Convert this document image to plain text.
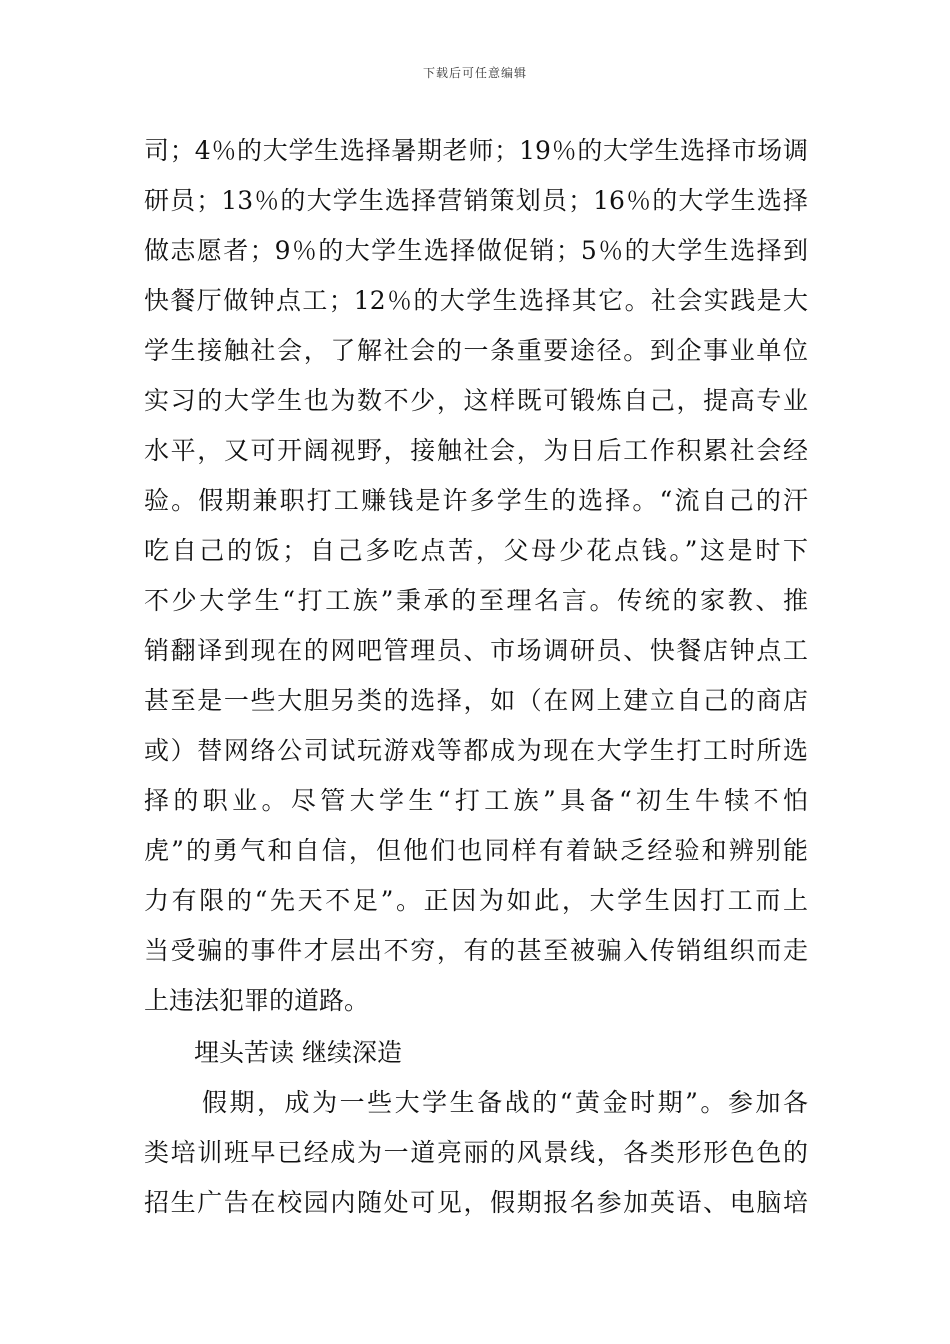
下载后可任意编辑
司；4％的大学生选择暑期老师；19％的大学生选择市场调
研员；13％的大学生选择营销策划员；16％的大学生选择
做志愿者；9％的大学生选择做促销；5％的大学生选择到
快餐厅做钟点工；12％的大学生选择其它。社会实践是大
学生接触社会，了解社会的一条重要途径。到企事业单位
实习的大学生也为数不少，这样既可锻炼自己，提高专业
水平，又可开阔视野，接触社会，为日后工作积累社会经
验。假期兼职打工赚钱是许多学生的选择。“流自己的汗
吃自己的饭；自己多吃点苦，父母少花点钱。”这是时下
不少大学生“打工族”秉承的至理名言。传统的家教、推
销翻译到现在的网吧管理员、市场调研员、快餐店钟点工
甚至是一些大胆另类的选择，如（在网上建立自己的商店
或）替网络公司试玩游戏等都成为现在大学生打工时所选
择的职业。尽管大学生“打工族”具备“初生牛犊不怕
虎”的勇气和自信，但他们也同样有着缺乏经验和辨别能
力有限的“先天不足”。正因为如此，大学生因打工而上
当受骗的事件才层出不穷，有的甚至被骗入传销组织而走
上违法犯罪的道路。
埋头苦读 继续深造
假期，成为一些大学生备战的“黄金时期”。参加各
类培训班早已经成为一道亮丽的风景线，各类形形色色的
招生广告在校园内随处可见，假期报名参加英语、电脑培
